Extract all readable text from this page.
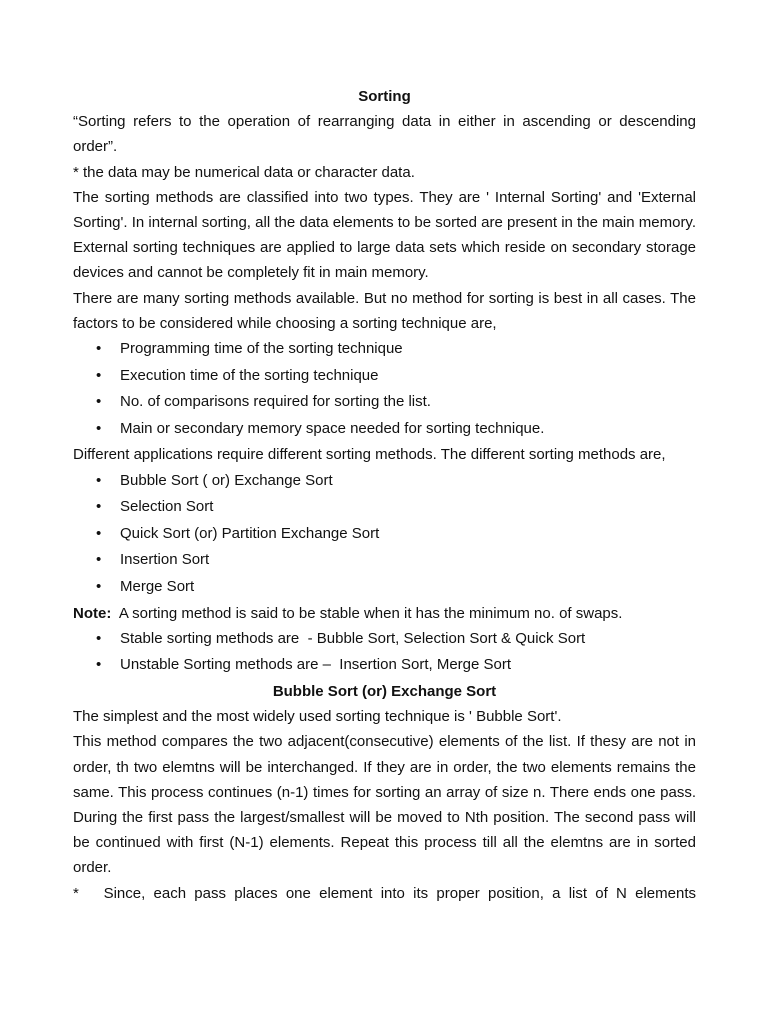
Sorting

“Sorting refers to the operation of rearranging data in either in ascending or descending order”.

* the data may be numerical data or character data.

The sorting methods are classified into two types. They are ' Internal Sorting' and 'External Sorting'. In internal sorting, all the data elements to be sorted are present in the main memory. External sorting techniques are applied to large data sets which reside on secondary storage devices and cannot be completely fit in main memory.

There are many sorting methods available. But no method for sorting is best in all cases. The factors to be considered while choosing a sorting technique are,

• Programming time of the sorting technique
• Execution time of the sorting technique
• No. of comparisons required for sorting the list.
• Main or secondary memory space needed for sorting technique.

Different applications require different sorting methods. The different sorting methods are,

• Bubble Sort ( or) Exchange Sort
• Selection Sort
• Quick Sort (or) Partition Exchange Sort
• Insertion Sort
• Merge Sort

Note:  A sorting method is said to be stable when it has the minimum no. of swaps.

• Stable sorting methods are  - Bubble Sort, Selection Sort & Quick Sort
• Unstable Sorting methods are –  Insertion Sort, Merge Sort

Bubble Sort (or) Exchange Sort

The simplest and the most widely used sorting technique is ' Bubble Sort'.

This method compares the two adjacent(consecutive) elements of the list. If thesy are not in order, th two elemtns will be interchanged. If they are in order, the two elements remains the same. This process continues (n-1) times for sorting an array of size n. There ends one pass. During the first pass the largest/smallest will be moved to Nth position. The second pass will be continued with first (N-1) elements. Repeat this process till all the elemtns are in sorted order.

*   Since, each pass places one element into its proper position, a list of N elements
